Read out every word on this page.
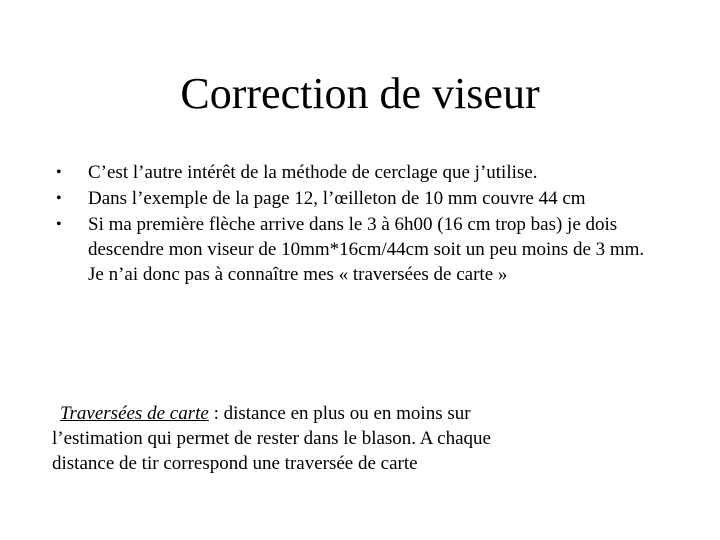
Correction de viseur
•	C’est l’autre intérêt de la méthode de cerclage que j’utilise.
•	Dans l’exemple de la page 12, l’œilleton de 10 mm couvre 44 cm
•	Si ma première flèche arrive dans le 3 à 6h00 (16 cm trop bas) je dois descendre mon viseur de 10mm*16cm/44cm soit un peu moins de 3 mm. Je n’ai donc pas à connaître mes « traversées de carte »

Traversées de carte : distance en plus ou en moins sur l’estimation qui permet de rester dans le blason. A chaque distance de tir correspond une traversée de carte
